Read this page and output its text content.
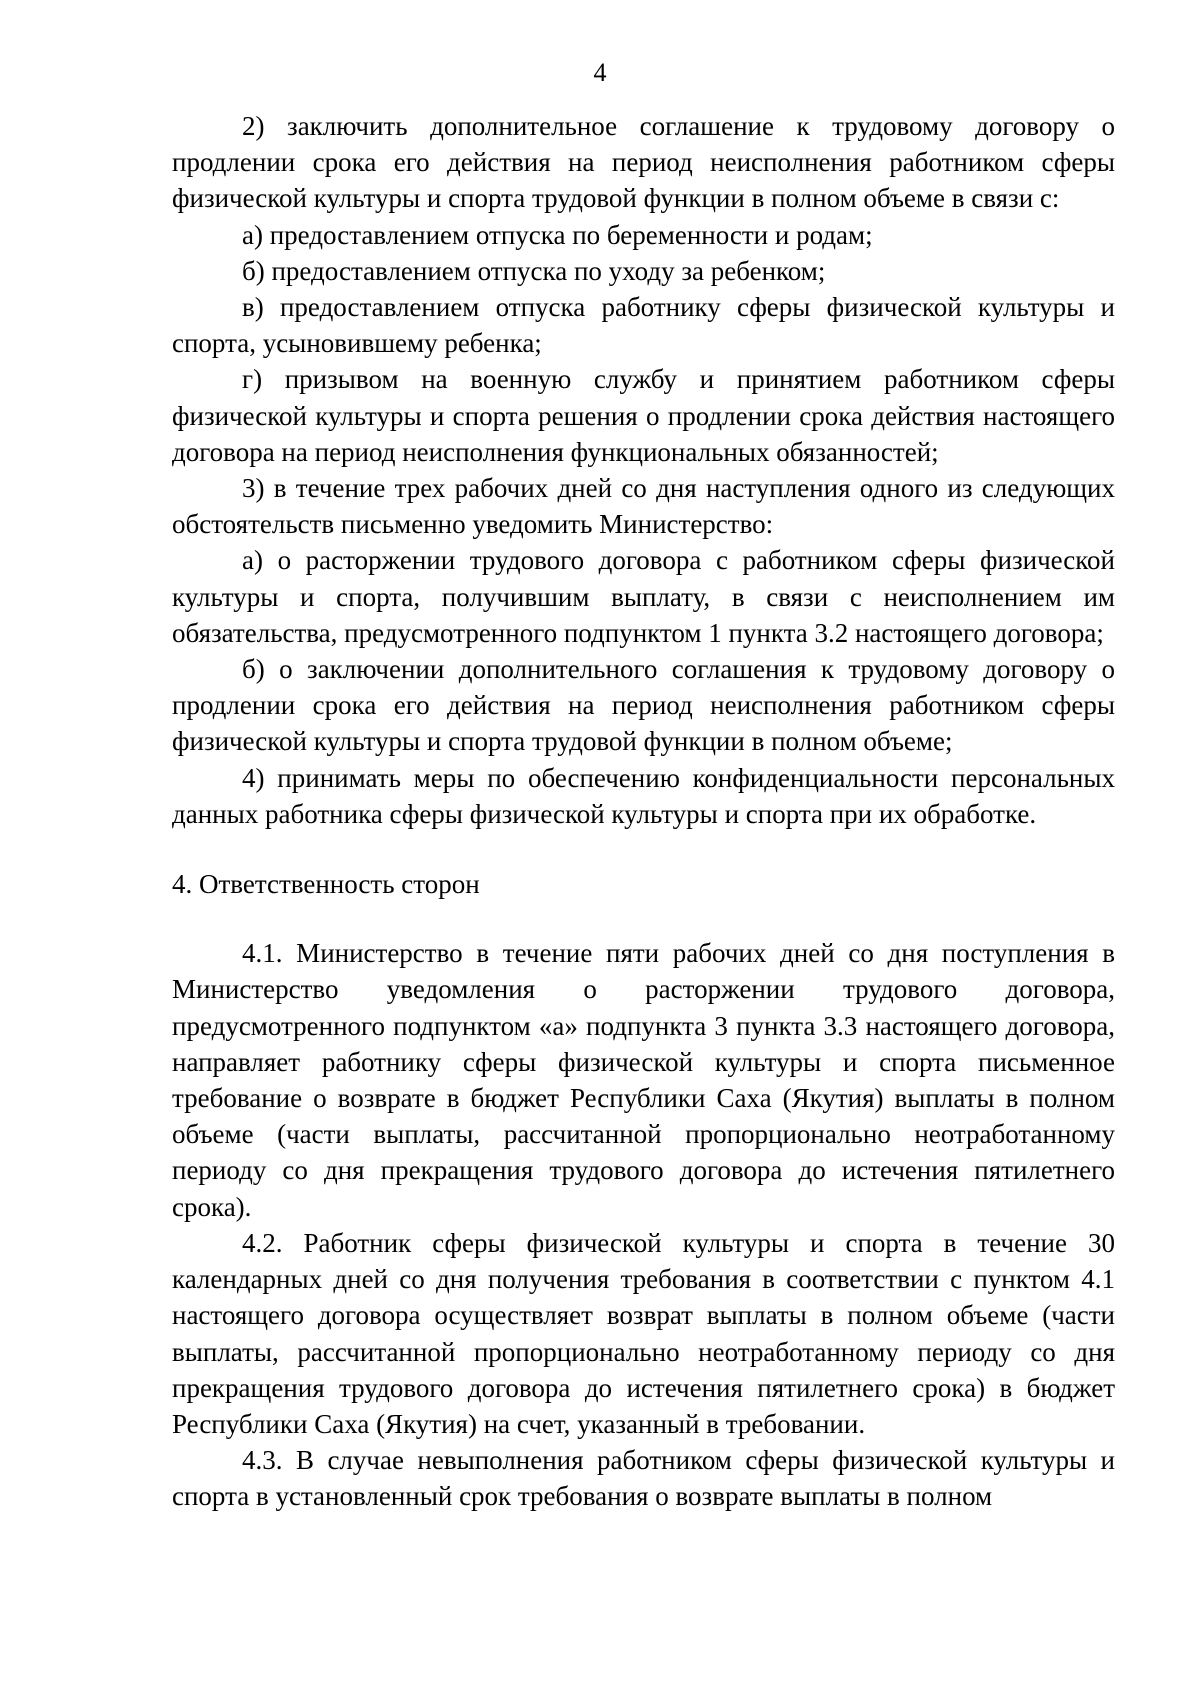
4

2) заключить дополнительное соглашение к трудовому договору о продлении срока его действия на период неисполнения работником сферы физической культуры и спорта трудовой функции в полном объеме в связи с:

а) предоставлением отпуска по беременности и родам;

б) предоставлением отпуска по уходу за ребенком;

в) предоставлением отпуска работнику сферы физической культуры и спорта, усыновившему ребенка;

г) призывом на военную службу и принятием работником сферы физической культуры и спорта решения о продлении срока действия настоящего договора на период неисполнения функциональных обязанностей;

3) в течение трех рабочих дней со дня наступления одного из следующих обстоятельств письменно уведомить Министерство:

а) о расторжении трудового договора с работником сферы физической культуры и спорта, получившим выплату, в связи с неисполнением им обязательства, предусмотренного подпунктом 1 пункта 3.2 настоящего договора;

б) о заключении дополнительного соглашения к трудовому договору о продлении срока его действия на период неисполнения работником сферы физической культуры и спорта трудовой функции в полном объеме;

4) принимать меры по обеспечению конфиденциальности персональных данных работника сферы физической культуры и спорта при их обработке.

4. Ответственность сторон

4.1. Министерство в течение пяти рабочих дней со дня поступления в Министерство уведомления о расторжении трудового договора, предусмотренного подпунктом «а» подпункта 3 пункта 3.3 настоящего договора, направляет работнику сферы физической культуры и спорта письменное требование о возврате в бюджет Республики Саха (Якутия) выплаты в полном объеме (части выплаты, рассчитанной пропорционально неотработанному периоду со дня прекращения трудового договора до истечения пятилетнего срока).

4.2. Работник сферы физической культуры и спорта в течение 30 календарных дней со дня получения требования в соответствии с пунктом 4.1 настоящего договора осуществляет возврат выплаты в полном объеме (части выплаты, рассчитанной пропорционально неотработанному периоду со дня прекращения трудового договора до истечения пятилетнего срока) в бюджет Республики Саха (Якутия) на счет, указанный в требовании.

4.3. В случае невыполнения работником сферы физической культуры и спорта в установленный срок требования о возврате выплаты в полном
